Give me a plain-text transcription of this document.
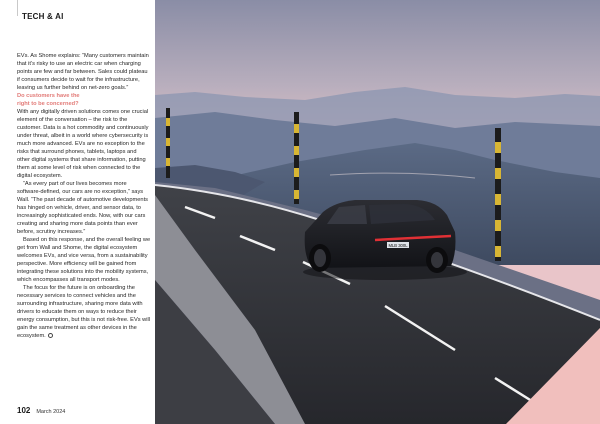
TECH & AI

EVs. As Shome explains: “Many customers maintain that it’s risky to use an electric car when charging points are few and far between. Sales could plateau if consumers decide to wait for the infrastructure, leaving us further behind on net-zero goals.”

Do customers have the
right to be concerned?

With any digitally driven solutions comes one crucial element of the conversation – the risk to the customer. Data is a hot commodity and continuously under threat, albeit in a world where cybersecurity is much more advanced. EVs are no exception to the risks that surround phones, tablets, laptops and other digital systems that share information, putting them at some level of risk when connected to the digital ecosystem.

“As every part of our lives becomes more software-defined, our cars are no exception,” says Wall. “The past decade of automotive developments has hinged on vehicle, driver, and sensor data, to increasingly sophisticated ends. Now, with our cars creating and sharing more data points than ever before, scrutiny increases.”

Based on this response, and the overall feeling we get from Wall and Shome, the digital ecosystem welcomes EVs, and vice versa, from a sustainability perspective. More efficiency will be gained from integrating these solutions into the mobility systems, which encompasses all transport modes.

The focus for the future is on onboarding the necessary services to connect vehicles and the surrounding infrastructure, sharing more data with drivers to educate them on ways to reduce their energy consumption, but this is not risk-free. EVs will gain the same treatment as other devices in the ecosystem.

102 March 2024
MLB 300L
